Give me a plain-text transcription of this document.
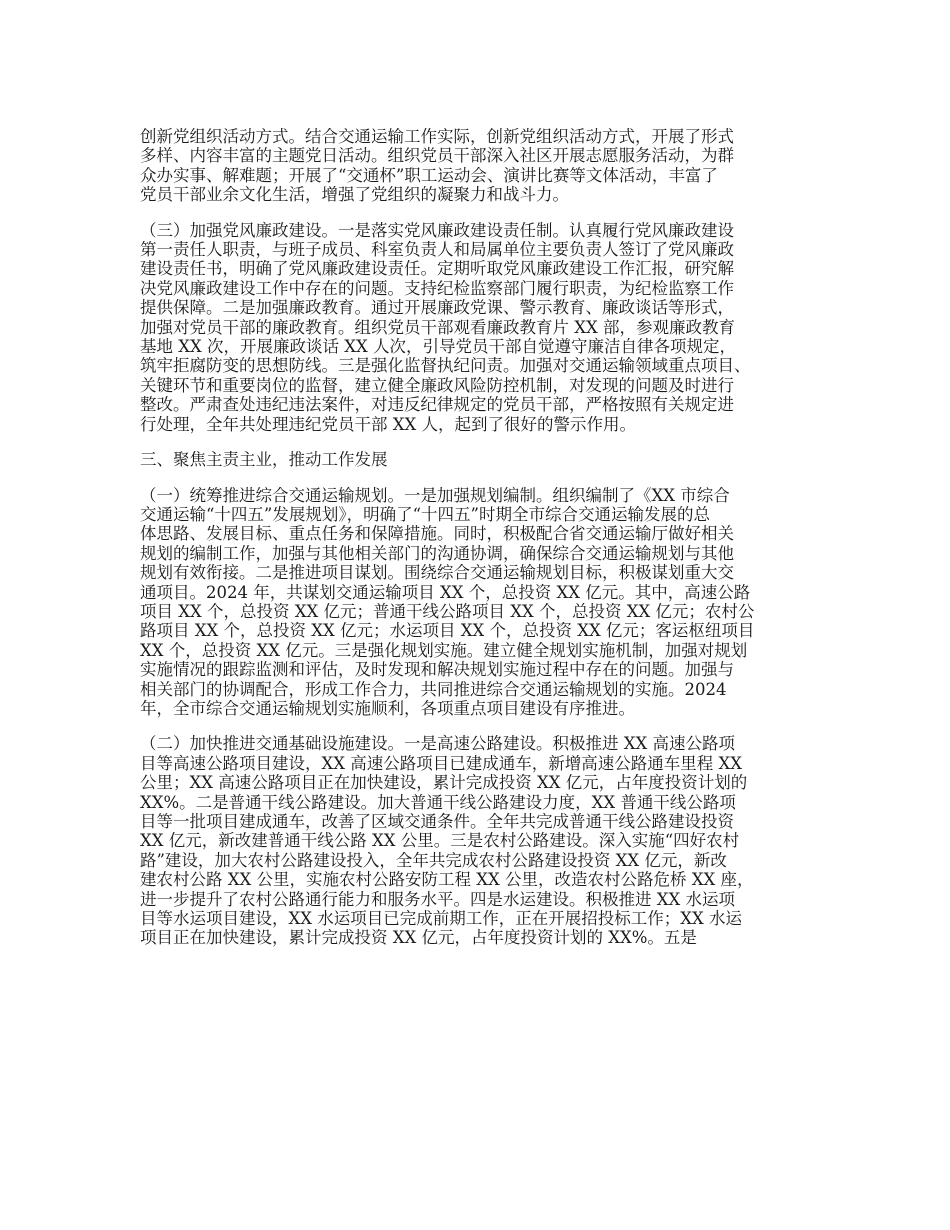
创新党组织活动方式。结合交通运输工作实际，创新党组织活动方式，开展了形式
多样、内容丰富的主题党日活动。组织党员干部深入社区开展志愿服务活动，为群
众办实事、解难题；开展了“交通杯”职工运动会、演讲比赛等文体活动，丰富了
党员干部业余文化生活，增强了党组织的凝聚力和战斗力。

（三）加强党风廉政建设。一是落实党风廉政建设责任制。认真履行党风廉政建设
第一责任人职责，与班子成员、科室负责人和局属单位主要负责人签订了党风廉政
建设责任书，明确了党风廉政建设责任。定期听取党风廉政建设工作汇报，研究解
决党风廉政建设工作中存在的问题。支持纪检监察部门履行职责，为纪检监察工作
提供保障。二是加强廉政教育。通过开展廉政党课、警示教育、廉政谈话等形式，
加强对党员干部的廉政教育。组织党员干部观看廉政教育片 XX 部，参观廉政教育
基地 XX 次，开展廉政谈话 XX 人次，引导党员干部自觉遵守廉洁自律各项规定，
筑牢拒腐防变的思想防线。三是强化监督执纪问责。加强对交通运输领域重点项目、
关键环节和重要岗位的监督，建立健全廉政风险防控机制，对发现的问题及时进行
整改。严肃查处违纪违法案件，对违反纪律规定的党员干部，严格按照有关规定进
行处理，全年共处理违纪党员干部 XX 人，起到了很好的警示作用。

三、聚焦主责主业，推动工作发展

（一）统筹推进综合交通运输规划。一是加强规划编制。组织编制了《XX 市综合
交通运输“十四五”发展规划》，明确了“十四五”时期全市综合交通运输发展的总
体思路、发展目标、重点任务和保障措施。同时，积极配合省交通运输厅做好相关
规划的编制工作，加强与其他相关部门的沟通协调，确保综合交通运输规划与其他
规划有效衔接。二是推进项目谋划。围绕综合交通运输规划目标，积极谋划重大交
通项目。2024 年，共谋划交通运输项目 XX 个，总投资 XX 亿元。其中，高速公路
项目 XX 个，总投资 XX 亿元；普通干线公路项目 XX 个，总投资 XX 亿元；农村公
路项目 XX 个，总投资 XX 亿元；水运项目 XX 个，总投资 XX 亿元；客运枢纽项目
XX 个，总投资 XX 亿元。三是强化规划实施。建立健全规划实施机制，加强对规划
实施情况的跟踪监测和评估，及时发现和解决规划实施过程中存在的问题。加强与
相关部门的协调配合，形成工作合力，共同推进综合交通运输规划的实施。2024
年，全市综合交通运输规划实施顺利，各项重点项目建设有序推进。

（二）加快推进交通基础设施建设。一是高速公路建设。积极推进 XX 高速公路项
目等高速公路项目建设，XX 高速公路项目已建成通车，新增高速公路通车里程 XX
公里；XX 高速公路项目正在加快建设，累计完成投资 XX 亿元，占年度投资计划的
XX%。二是普通干线公路建设。加大普通干线公路建设力度，XX 普通干线公路项
目等一批项目建成通车，改善了区域交通条件。全年共完成普通干线公路建设投资
XX 亿元，新改建普通干线公路 XX 公里。三是农村公路建设。深入实施“四好农村
路”建设，加大农村公路建设投入，全年共完成农村公路建设投资 XX 亿元，新改
建农村公路 XX 公里，实施农村公路安防工程 XX 公里，改造农村公路危桥 XX 座，
进一步提升了农村公路通行能力和服务水平。四是水运建设。积极推进 XX 水运项
目等水运项目建设，XX 水运项目已完成前期工作，正在开展招投标工作；XX 水运
项目正在加快建设，累计完成投资 XX 亿元，占年度投资计划的 XX%。五是
